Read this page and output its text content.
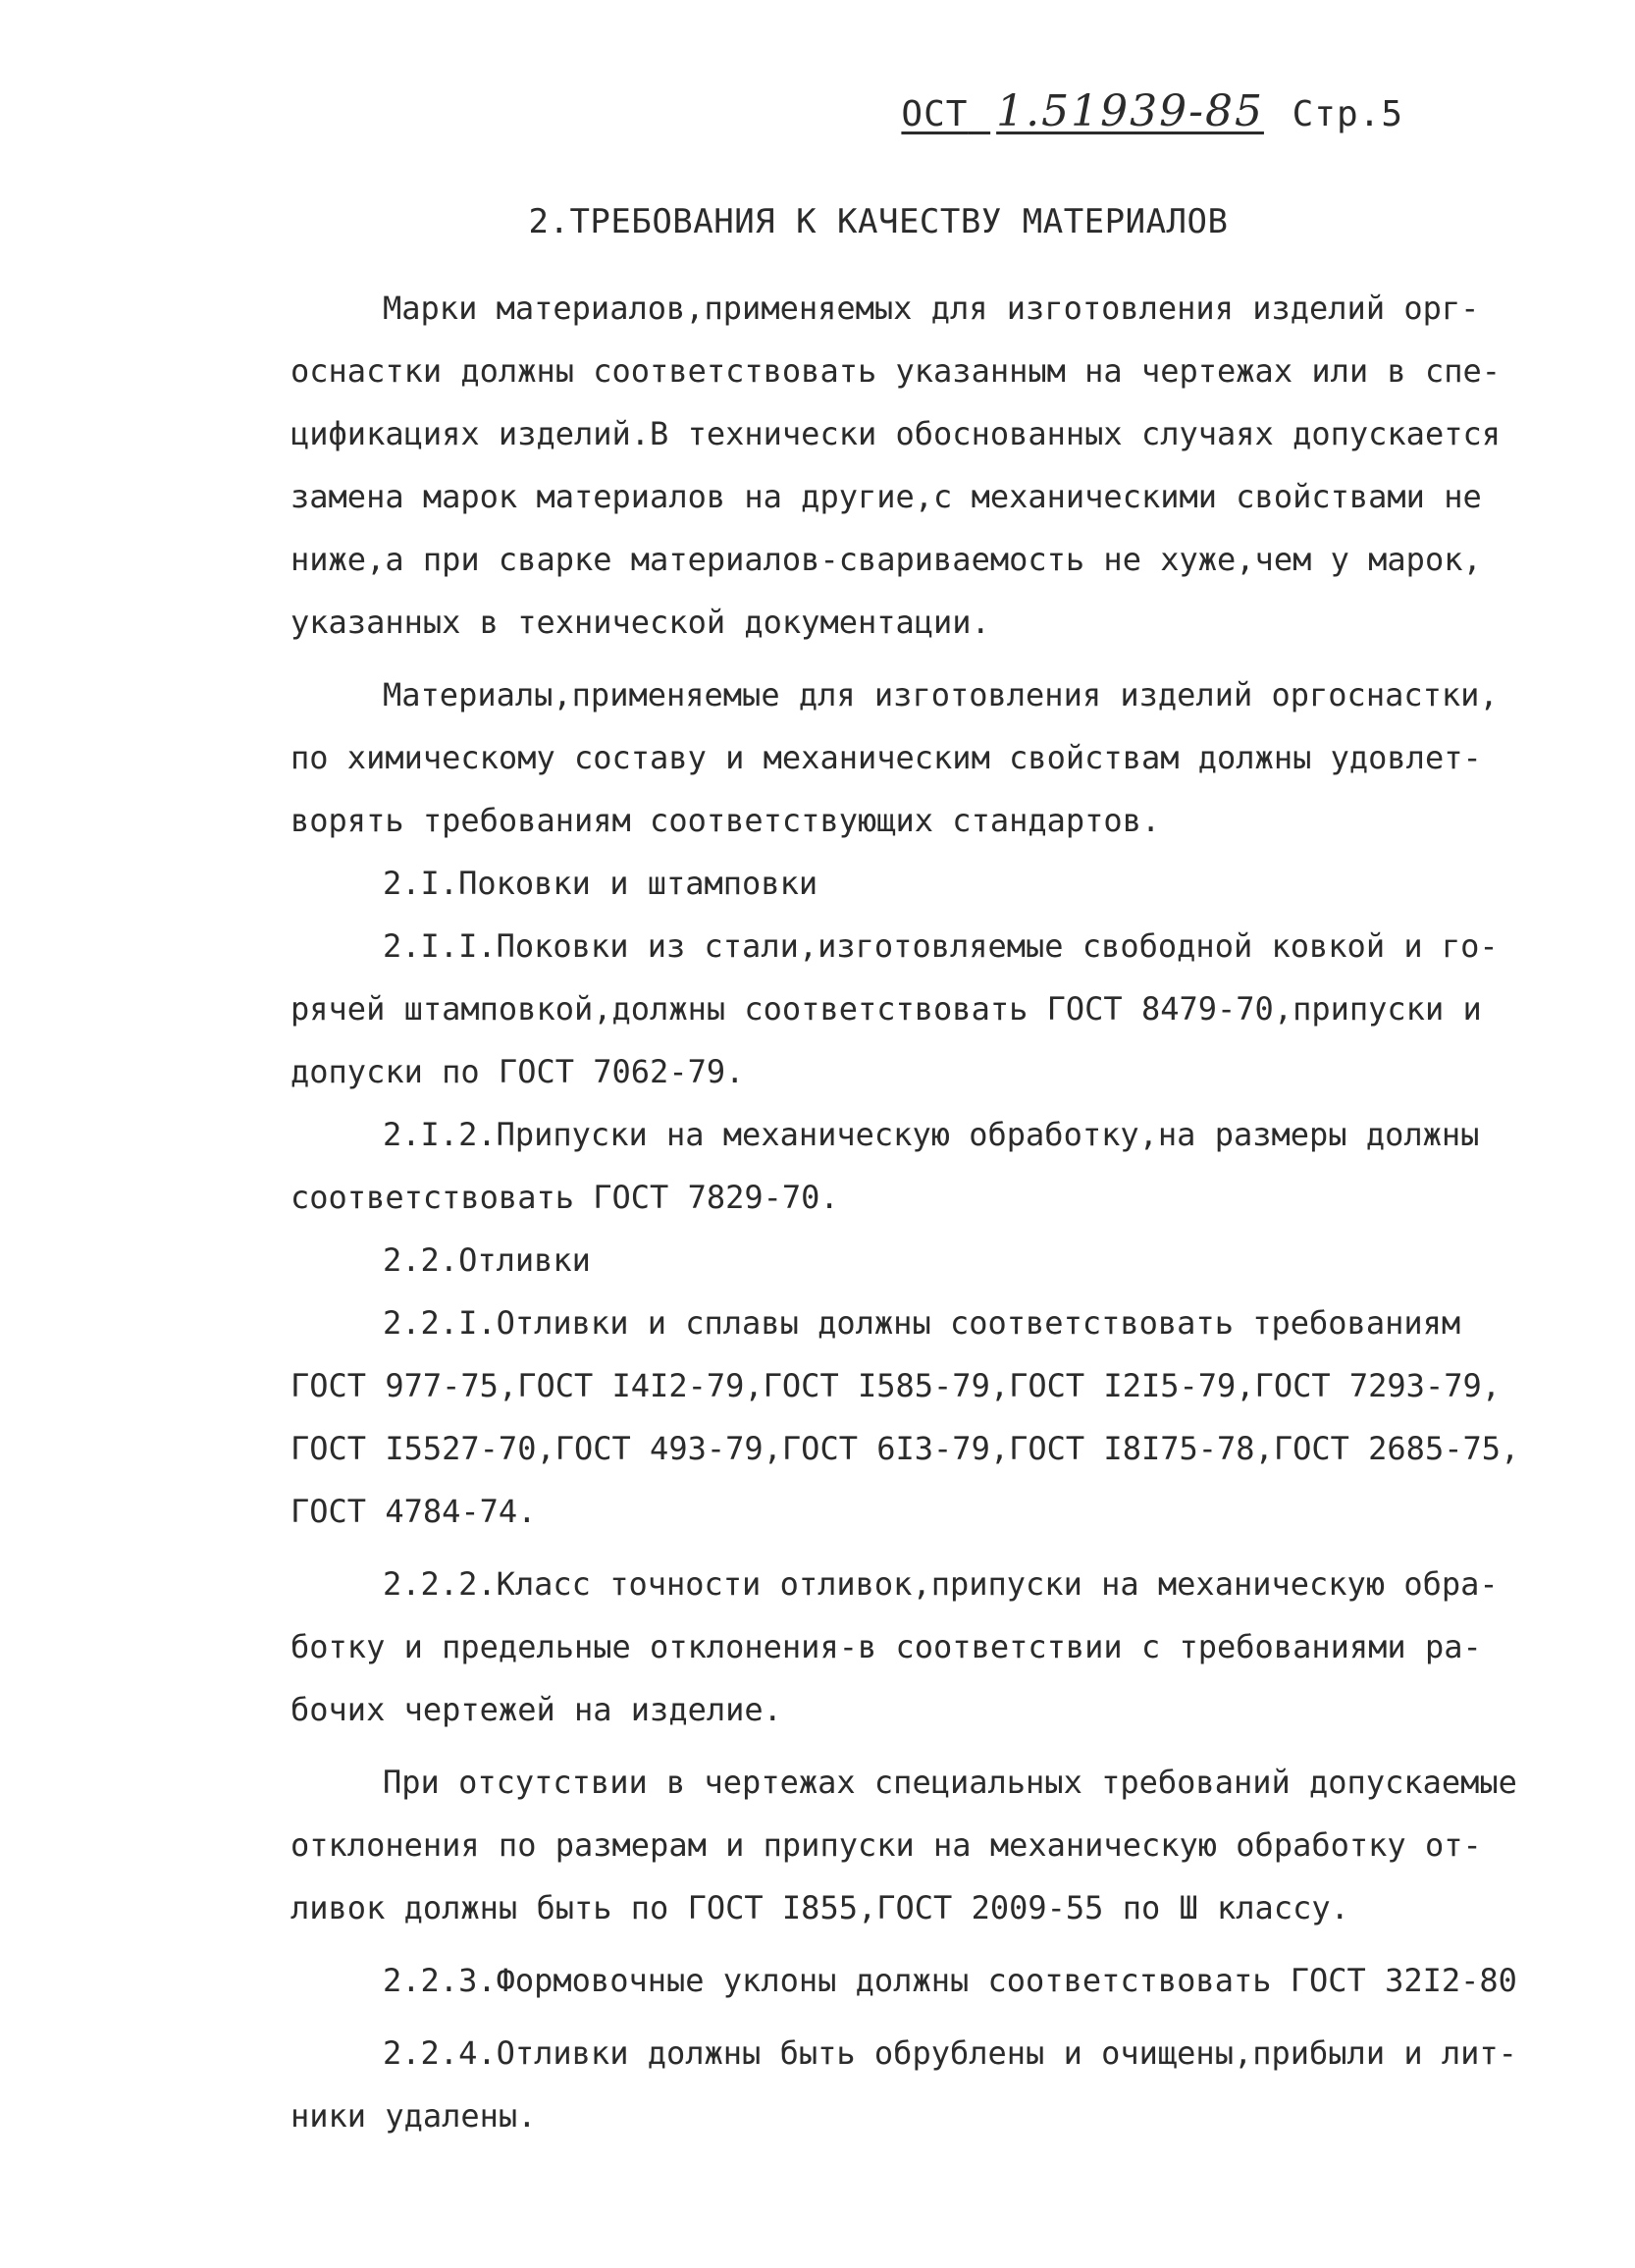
ОСТ 1.51939-85 Стр.5
2.ТРЕБОВАНИЯ К КАЧЕСТВУ МАТЕРИАЛОВ
Марки материалов,применяемых для изготовления изделий орг-
оснастки должны соответствовать указанным на чертежах или в спе-
цификациях изделий.В технически обоснованных случаях допускается
замена марок материалов на другие,с механическими свойствами не
ниже,а при сварке материалов-свариваемость не хуже,чем у марок,
указанных в технической документации.
Материалы,применяемые для изготовления изделий оргоснастки,
по химическому составу и механическим свойствам должны удовлет-
ворять требованиям соответствующих стандартов.
2.I.Поковки и штамповки
2.I.I.Поковки из стали,изготовляемые свободной ковкой и го-
рячей штамповкой,должны соответствовать ГОСТ 8479-70,припуски и
допуски по ГОСТ 7062-79.
2.I.2.Припуски на механическую обработку,на размеры должны
соответствовать ГОСТ 7829-70.
2.2.Отливки
2.2.I.Отливки и сплавы должны соответствовать требованиям
ГОСТ 977-75,ГОСТ I4I2-79,ГОСТ I585-79,ГОСТ I2I5-79,ГОСТ 7293-79,
ГОСТ I5527-70,ГОСТ 493-79,ГОСТ 6I3-79,ГОСТ I8I75-78,ГОСТ 2685-75,
ГОСТ 4784-74.
2.2.2.Класс точности отливок,припуски на механическую обра-
ботку и предельные отклонения-в соответствии с требованиями ра-
бочих чертежей на изделие.
При отсутствии в чертежах специальных требований допускаемые
отклонения по размерам и припуски на механическую обработку от-
ливок должны быть по ГОСТ I855,ГОСТ 2009-55 по Ш классу.
2.2.3.Формовочные уклоны должны соответствовать ГОСТ 32I2-80
2.2.4.Отливки должны быть обрублены и очищены,прибыли и лит-
ники удалены.
